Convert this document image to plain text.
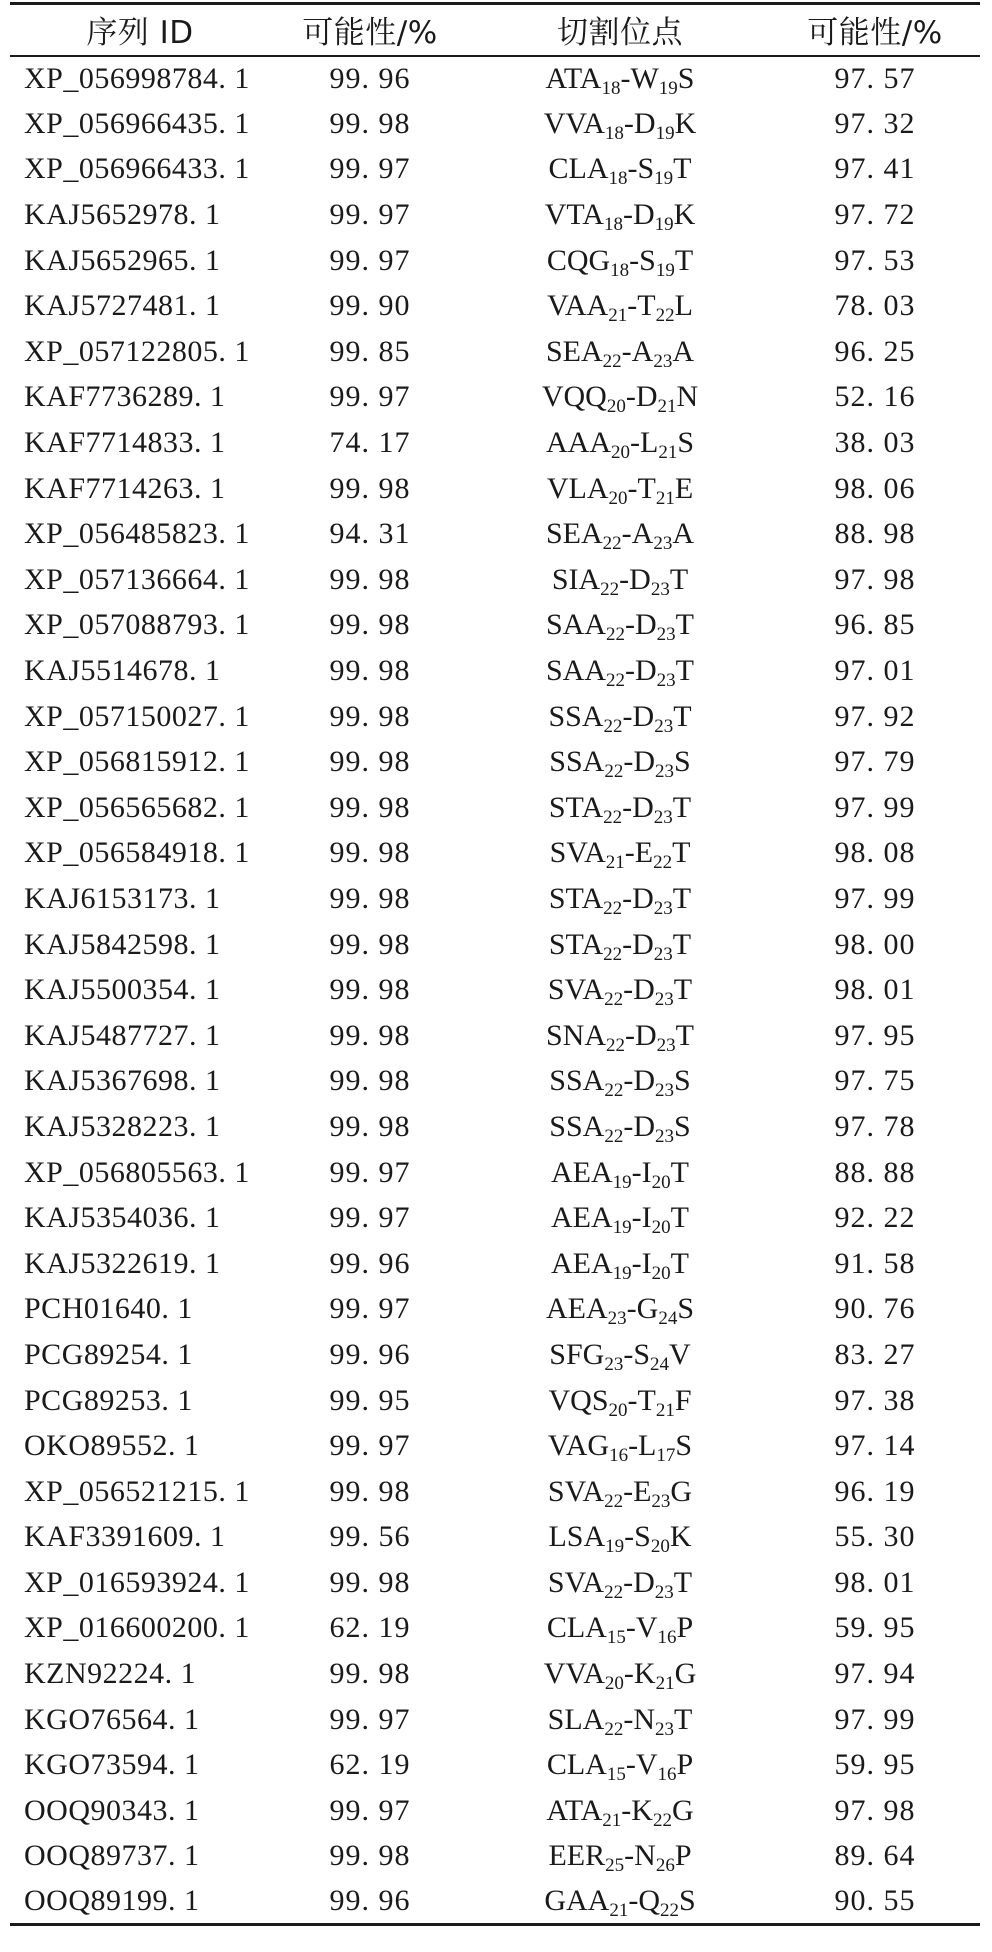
序列 ID	可能性/%	切割位点	可能性/%
XP_056998784. 1	99. 96	$ATA_{18}-W_{19}S$	97. 57
XP_056966435. 1	99. 98	$VVA_{18}-D_{19}K$	97. 32
XP_056966433. 1	99. 97	$CLA_{18}-S_{19}T$	97. 41
KAJ5652978. 1	99. 97	$VTA_{18}-D_{19}K$	97. 72
KAJ5652965. 1	99. 97	$CQG_{18}-S_{19}T$	97. 53
KAJ5727481. 1	99. 90	$VAA_{21}-T_{22}L$	78. 03
XP_057122805. 1	99. 85	$SEA_{22}-A_{23}A$	96. 25
KAF7736289. 1	99. 97	$VQQ_{20}-D_{21}N$	52. 16
KAF7714833. 1	74. 17	$AAA_{20}-L_{21}S$	38. 03
KAF7714263. 1	99. 98	$VLA_{20}-T_{21}E$	98. 06
XP_056485823. 1	94. 31	$SEA_{22}-A_{23}A$	88. 98
XP_057136664. 1	99. 98	$SIA_{22}-D_{23}T$	97. 98
XP_057088793. 1	99. 98	$SAA_{22}-D_{23}T$	96. 85
KAJ5514678. 1	99. 98	$SAA_{22}-D_{23}T$	97. 01
XP_057150027. 1	99. 98	$SSA_{22}-D_{23}T$	97. 92
XP_056815912. 1	99. 98	$SSA_{22}-D_{23}S$	97. 79
XP_056565682. 1	99. 98	$STA_{22}-D_{23}T$	97. 99
XP_056584918. 1	99. 98	$SVA_{21}-E_{22}T$	98. 08
KAJ6153173. 1	99. 98	$STA_{22}-D_{23}T$	97. 99
KAJ5842598. 1	99. 98	$STA_{22}-D_{23}T$	98. 00
KAJ5500354. 1	99. 98	$SVA_{22}-D_{23}T$	98. 01
KAJ5487727. 1	99. 98	$SNA_{22}-D_{23}T$	97. 95
KAJ5367698. 1	99. 98	$SSA_{22}-D_{23}S$	97. 75
KAJ5328223. 1	99. 98	$SSA_{22}-D_{23}S$	97. 78
XP_056805563. 1	99. 97	$AEA_{19}-I_{20}T$	88. 88
KAJ5354036. 1	99. 97	$AEA_{19}-I_{20}T$	92. 22
KAJ5322619. 1	99. 96	$AEA_{19}-I_{20}T$	91. 58
PCH01640. 1	99. 97	$AEA_{23}-G_{24}S$	90. 76
PCG89254. 1	99. 96	$SFG_{23}-S_{24}V$	83. 27
PCG89253. 1	99. 95	$VQS_{20}-T_{21}F$	97. 38
OKO89552. 1	99. 97	$VAG_{16}-L_{17}S$	97. 14
XP_056521215. 1	99. 98	$SVA_{22}-E_{23}G$	96. 19
KAF3391609. 1	99. 56	$LSA_{19}-S_{20}K$	55. 30
XP_016593924. 1	99. 98	$SVA_{22}-D_{23}T$	98. 01
XP_016600200. 1	62. 19	$CLA_{15}-V_{16}P$	59. 95
KZN92224. 1	99. 98	$VVA_{20}-K_{21}G$	97. 94
KGO76564. 1	99. 97	$SLA_{22}-N_{23}T$	97. 99
KGO73594. 1	62. 19	$CLA_{15}-V_{16}P$	59. 95
OOQ90343. 1	99. 97	$ATA_{21}-K_{22}G$	97. 98
OOQ89737. 1	99. 98	$EER_{25}-N_{26}P$	89. 64
OOQ89199. 1	99. 96	$GAA_{21}-Q_{22}S$	90. 55
